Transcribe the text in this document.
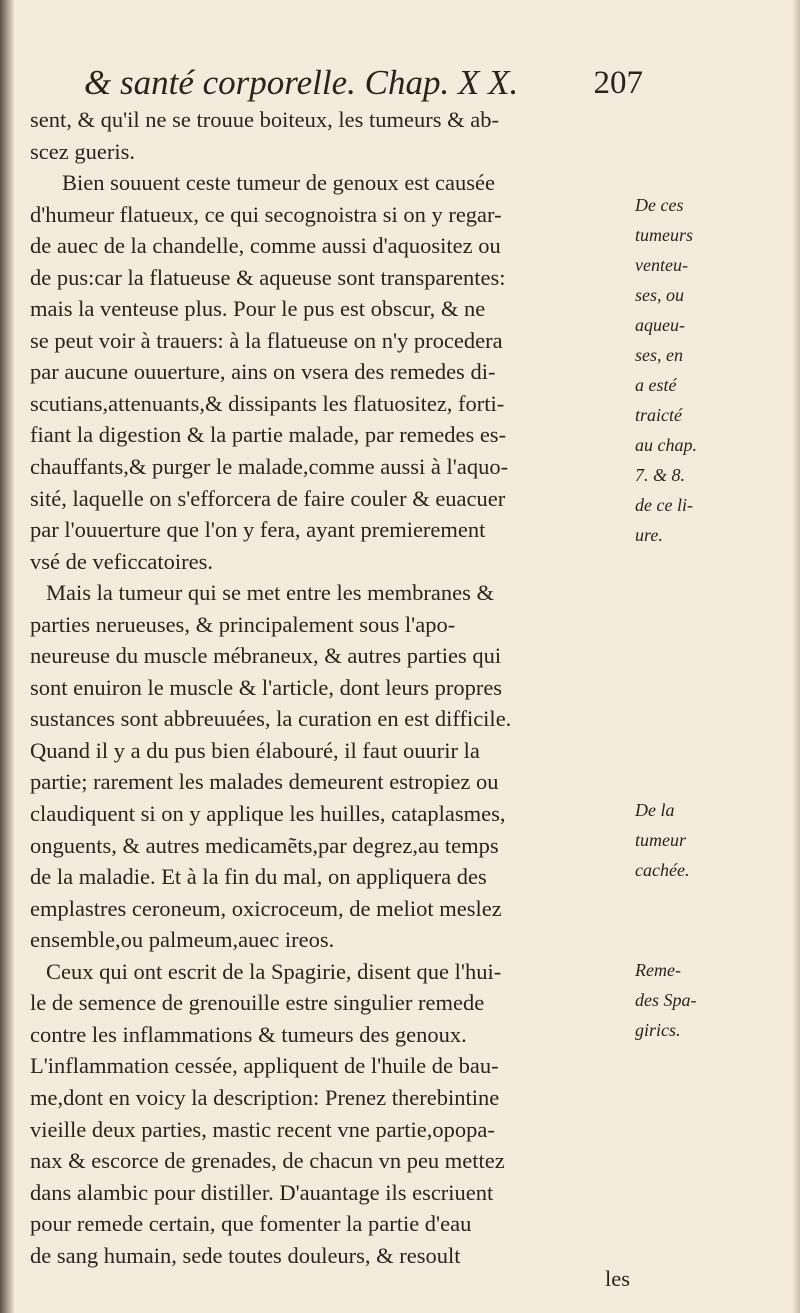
& santé corporelle. Chap. X X.	207
sent, & qu'il ne se trouue boiteux, les tumeurs & ab-
scez gueris.
Bien souuent ceste tumeur de genoux est causée
d'humeur flatueux, ce qui secognoistra si on y regar-
de auec de la chandelle, comme aussi d'aquositez ou
de pus:car la flatueuse & aqueuse sont transparentes:
mais la venteuse plus. Pour le pus est obscur, & ne
se peut voir à trauers: à la flatueuse on n'y procedera
par aucune ouuerture, ains on vsera des remedes di-
scutians,attenuants,& dissipants les flatuositez, forti-
fiant la digestion & la partie malade, par remedes es-
chauffants,& purger le malade,comme aussi à l'aquo-
sité, laquelle on s'efforcera de faire couler & euacuer
par l'ouuerture que l'on y fera, ayant premierement
vsé de veficcatoires.
Mais la tumeur qui se met entre les membranes &
parties nerueuses, & principalement sous l'apo-
neureuse du muscle mébraneux, & autres parties qui
sont enuiron le muscle & l'articlе, dont leurs propres
sustances sont abbreuuées, la curation en est difficile.
Quand il y a du pus bien élabouré, il faut ouurir la
partie; rarement les malades demeurent estropiez ou
claudiquent si on y applique les huilles, cataplasmes,
onguents, & autres medicamẽts,par degrez,au temps
de la maladie. Et à la fin du mal, on appliquera des
emplastres ceroneum, oxicroceum, de meliot meslez
ensemble,ou palmeum,auec ireos.
Ceux qui ont escrit de la Spagirie, disent que l'hui-
le de semence de grenouille estre singulier remede
contre les inflammations & tumeurs des genoux.
L'inflammation cessée, appliquent de l'huile de bau-
me,dont en voicy la description: Prenez therebintine
vieille deux parties, mastic recent vne partie,opopa-
nax & escorce de grenades, de chacun vn peu mettez
dans alambic pour distiller. D'auantage ils escriuent
pour remede certain, que fomenter la partie d'eau
de sang humain, sede toutes douleurs, & resoult
les
De ces
tumeurs
venteu-
ses, ou
aqueu-
ses, en
a esté
traicté
au chap.
7. & 8.
de ce li-
ure.
De la
tumeur
cachée.
Reme-
des Spa-
girics.
